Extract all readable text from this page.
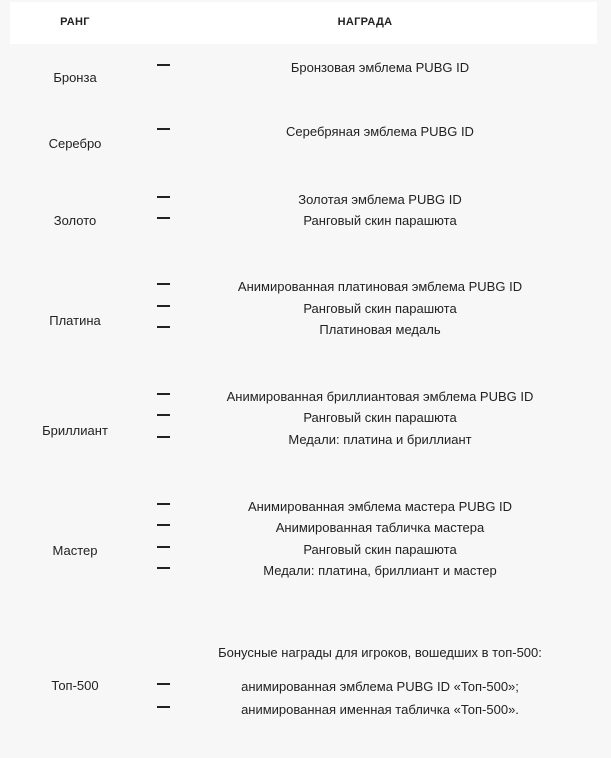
РАНГ	НАГРАДА
Бронза
Бронзовая эмблема PUBG ID
Серебро
Серебряная эмблема PUBG ID
Золото
Золотая эмблема PUBG ID
Ранговый скин парашюта
Платина
Анимированная платиновая эмблема PUBG ID
Ранговый скин парашюта
Платиновая медаль
Бриллиант
Анимированная бриллиантовая эмблема PUBG ID
Ранговый скин парашюта
Медали: платина и бриллиант
Мастер
Анимированная эмблема мастера PUBG ID
Анимированная табличка мастера
Ранговый скин парашюта
Медали: платина, бриллиант и мастер
Топ-500
Бонусные награды для игроков, вошедших в топ-500:
анимированная эмблема PUBG ID «Топ-500»;
анимированная именная табличка «Топ-500».
